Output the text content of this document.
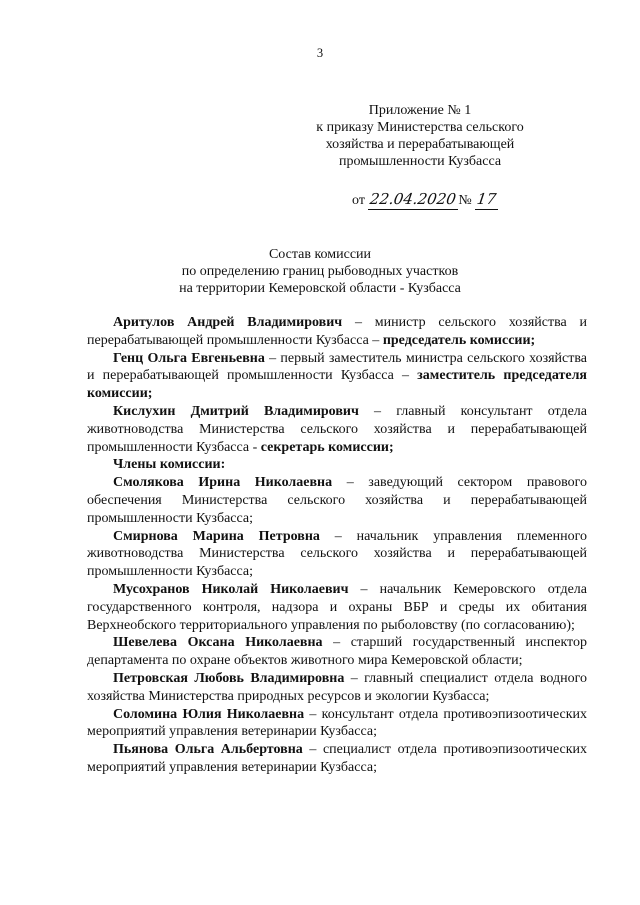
3
Приложение № 1
к приказу Министерства сельского
хозяйства и перерабатывающей
промышленности Кузбасса
от 22.04.2020№ 17
Состав комиссии
по определению границ рыбоводных участков
на территории Кемеровской области - Кузбасса

Аритулов Андрей Владимирович – министр сельского хозяйства и перерабатывающей промышленности Кузбасса – председатель комиссии;

Генц Ольга Евгеньевна – первый заместитель министра сельского хозяйства и перерабатывающей промышленности Кузбасса – заместитель председателя комиссии;

Кислухин Дмитрий Владимирович – главный консультант отдела животноводства Министерства сельского хозяйства и перерабатывающей промышленности Кузбасса - секретарь комиссии;

Члены комиссии:

Смолякова Ирина Николаевна – заведующий сектором правового обеспечения Министерства сельского хозяйства и перерабатывающей промышленности Кузбасса;

Смирнова Марина Петровна – начальник управления племенного животноводства Министерства сельского хозяйства и перерабатывающей промышленности Кузбасса;

Мусохранов Николай Николаевич – начальник Кемеровского отдела государственного контроля, надзора и охраны ВБР и среды их обитания Верхнеобского территориального управления по рыболовству (по согласованию);

Шевелева Оксана Николаевна – старший государственный инспектор департамента по охране объектов животного мира Кемеровской области;

Петровская Любовь Владимировна – главный специалист отдела водного хозяйства Министерства природных ресурсов и экологии Кузбасса;

Соломина Юлия Николаевна – консультант отдела противоэпизоотических мероприятий управления ветеринарии Кузбасса;

Пьянова Ольга Альбертовна – специалист отдела противоэпизоотических мероприятий управления ветеринарии Кузбасса;
